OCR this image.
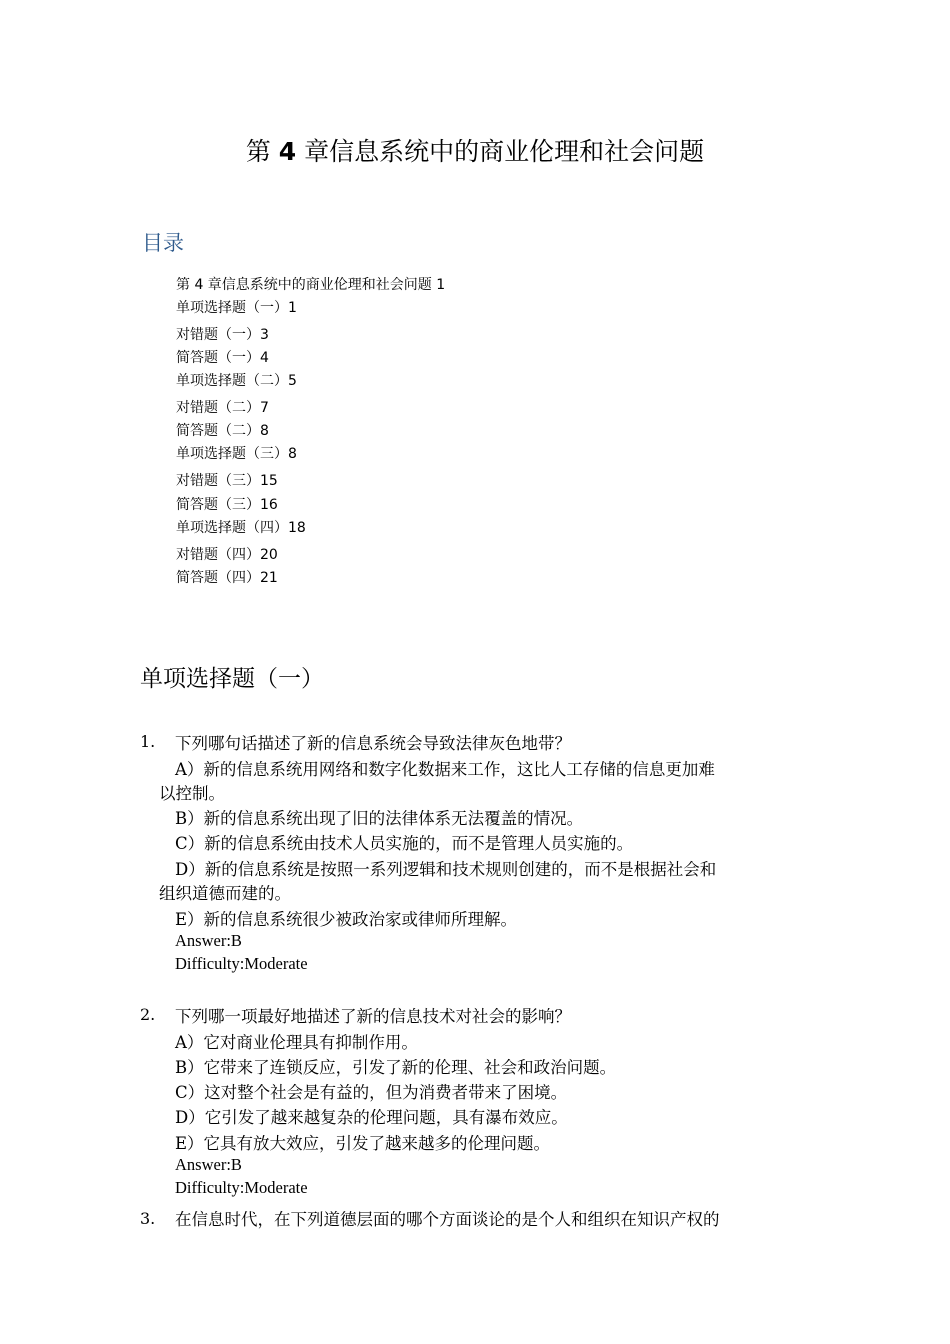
第 4 章信息系统中的商业伦理和社会问题
目录
第 4 章信息系统中的商业伦理和社会问题 1
单项选择题（一）1
对错题（一）3
简答题（一）4
单项选择题（二）5
对错题（二）7
简答题（二）8
单项选择题（三）8
对错题（三）15
简答题（三）16
单项选择题（四）18
对错题（四）20
简答题（四）21
单项选择题（一）
1. 下列哪句话描述了新的信息系统会导致法律灰色地带？
A）新的信息系统用网络和数字化数据来工作，这比人工存储的信息更加难
以控制。
B）新的信息系统出现了旧的法律体系无法覆盖的情况。
C）新的信息系统由技术人员实施的，而不是管理人员实施的。
D）新的信息系统是按照一系列逻辑和技术规则创建的，而不是根据社会和
组织道德而建的。
E）新的信息系统很少被政治家或律师所理解。
Answer:B
Difficulty:Moderate
2. 下列哪一项最好地描述了新的信息技术对社会的影响？
A）它对商业伦理具有抑制作用。
B）它带来了连锁反应，引发了新的伦理、社会和政治问题。
C）这对整个社会是有益的，但为消费者带来了困境。
D）它引发了越来越复杂的伦理问题，具有瀑布效应。
E）它具有放大效应，引发了越来越多的伦理问题。
Answer:B
Difficulty:Moderate
3. 在信息时代，在下列道德层面的哪个方面谈论的是个人和组织在知识产权的
